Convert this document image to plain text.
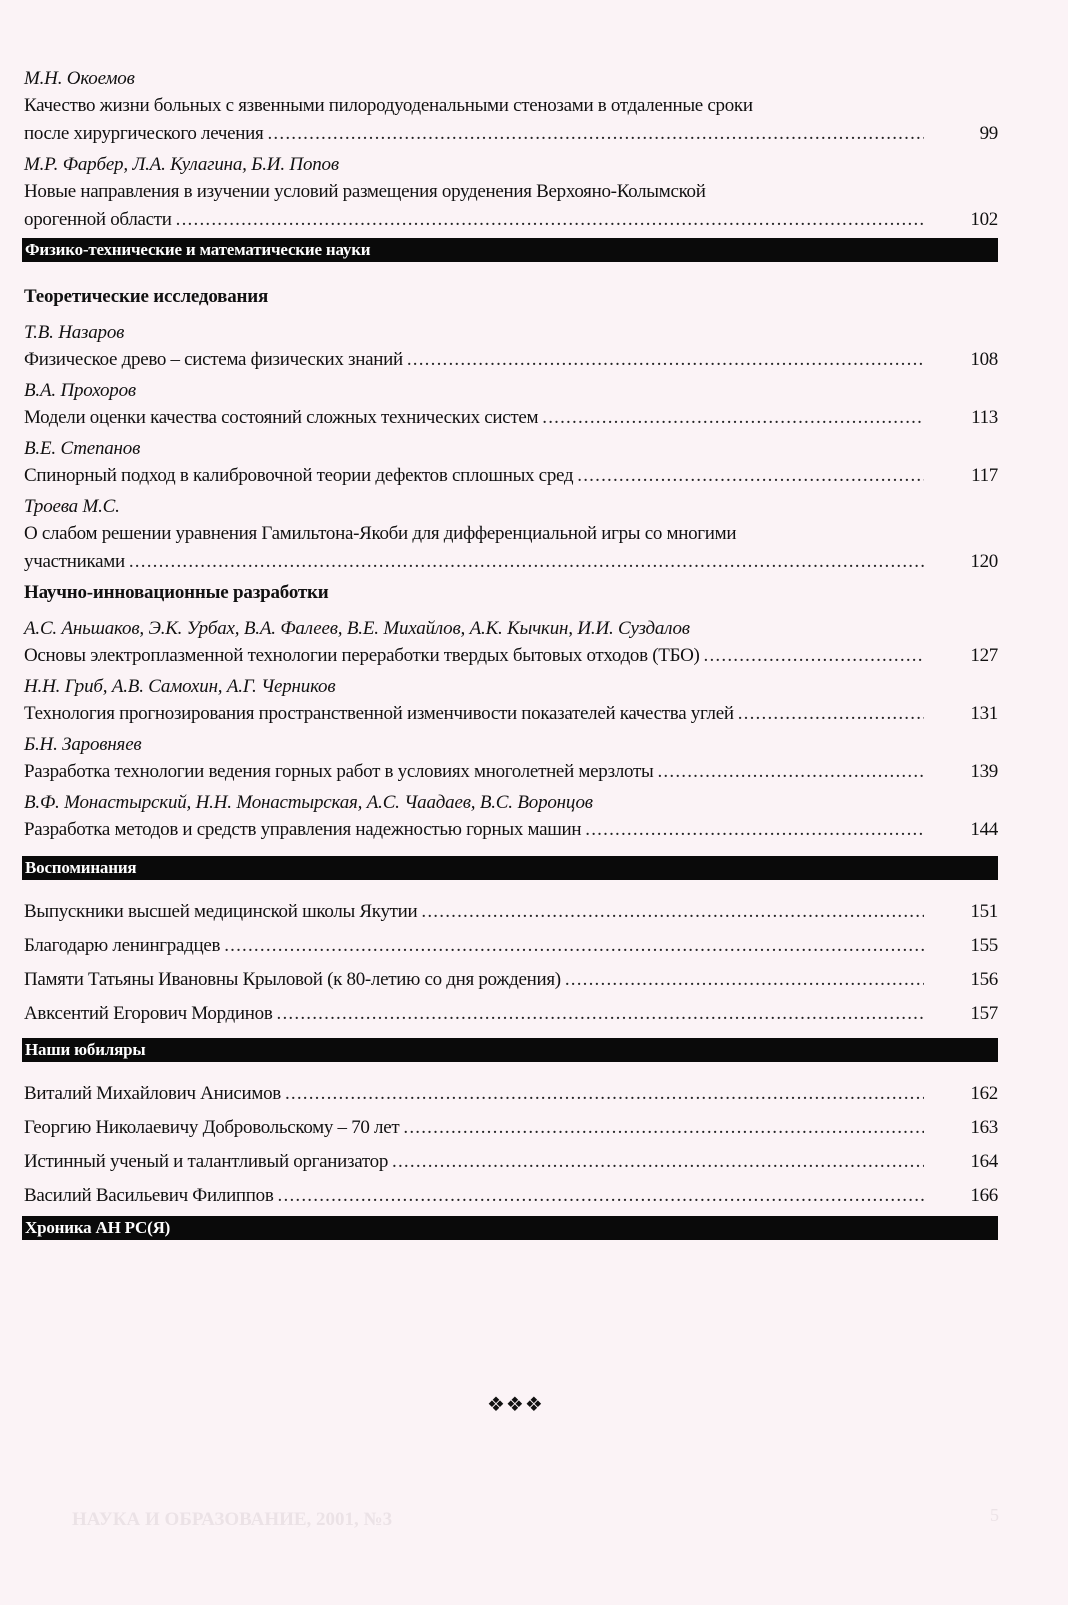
М.Н. Окоемов
Качество жизни больных с язвенными пилородуоденальными стенозами в отдаленные сроки
после хирургического лечения .....	99
М.Р. Фарбер, Л.А. Кулагина, Б.И. Попов
Новые направления в изучении условий размещения оруденения Верхояно-Колымской
орогенной области .....	102
Физико-технические и математические науки
Теоретические исследования
Т.В. Назаров
Физическое древо – система физических знаний .....	108
В.А. Прохоров
Модели оценки качества состояний сложных технических систем .....	113
В.Е. Степанов
Спинорный подход в калибровочной теории дефектов сплошных сред .....	117
Троева М.С.
О слабом решении уравнения Гамильтона-Якоби для дифференциальной игры со многими
участниками .....	120
Научно-инновационные разработки
А.С. Аньшаков, Э.К. Урбах, В.А. Фалеев, В.Е. Михайлов, А.К. Кычкин, И.И. Суздалов
Основы электроплазменной технологии переработки твердых бытовых отходов (ТБО) .....	127
Н.Н. Гриб, А.В. Самохин, А.Г. Черников
Технология прогнозирования пространственной изменчивости показателей качества углей .....	131
Б.Н. Заровняев
Разработка технологии ведения горных работ в условиях многолетней мерзлоты .....	139
В.Ф. Монастырский, Н.Н. Монастырская, А.С. Чаадаев, В.С. Воронцов
Разработка методов и средств управления надежностью горных машин .....	144
Воспоминания
Выпускники высшей медицинской школы Якутии .....	151
Благодарю ленинградцев .....	155
Памяти Татьяны Ивановны Крыловой (к 80-летию со дня рождения) .....	156
Авксентий Егорович Мординов .....	157
Наши юбиляры
Виталий Михайлович Анисимов .....	162
Георгию Николаевичу Добровольскому – 70 лет .....	163
Истинный ученый и талантливый организатор .....	164
Василий Васильевич Филиппов .....	166
Хроника АН РС(Я)
❖❖❖
НАУКА И ОБРАЗОВАНИЕ, 2001, №3	5
